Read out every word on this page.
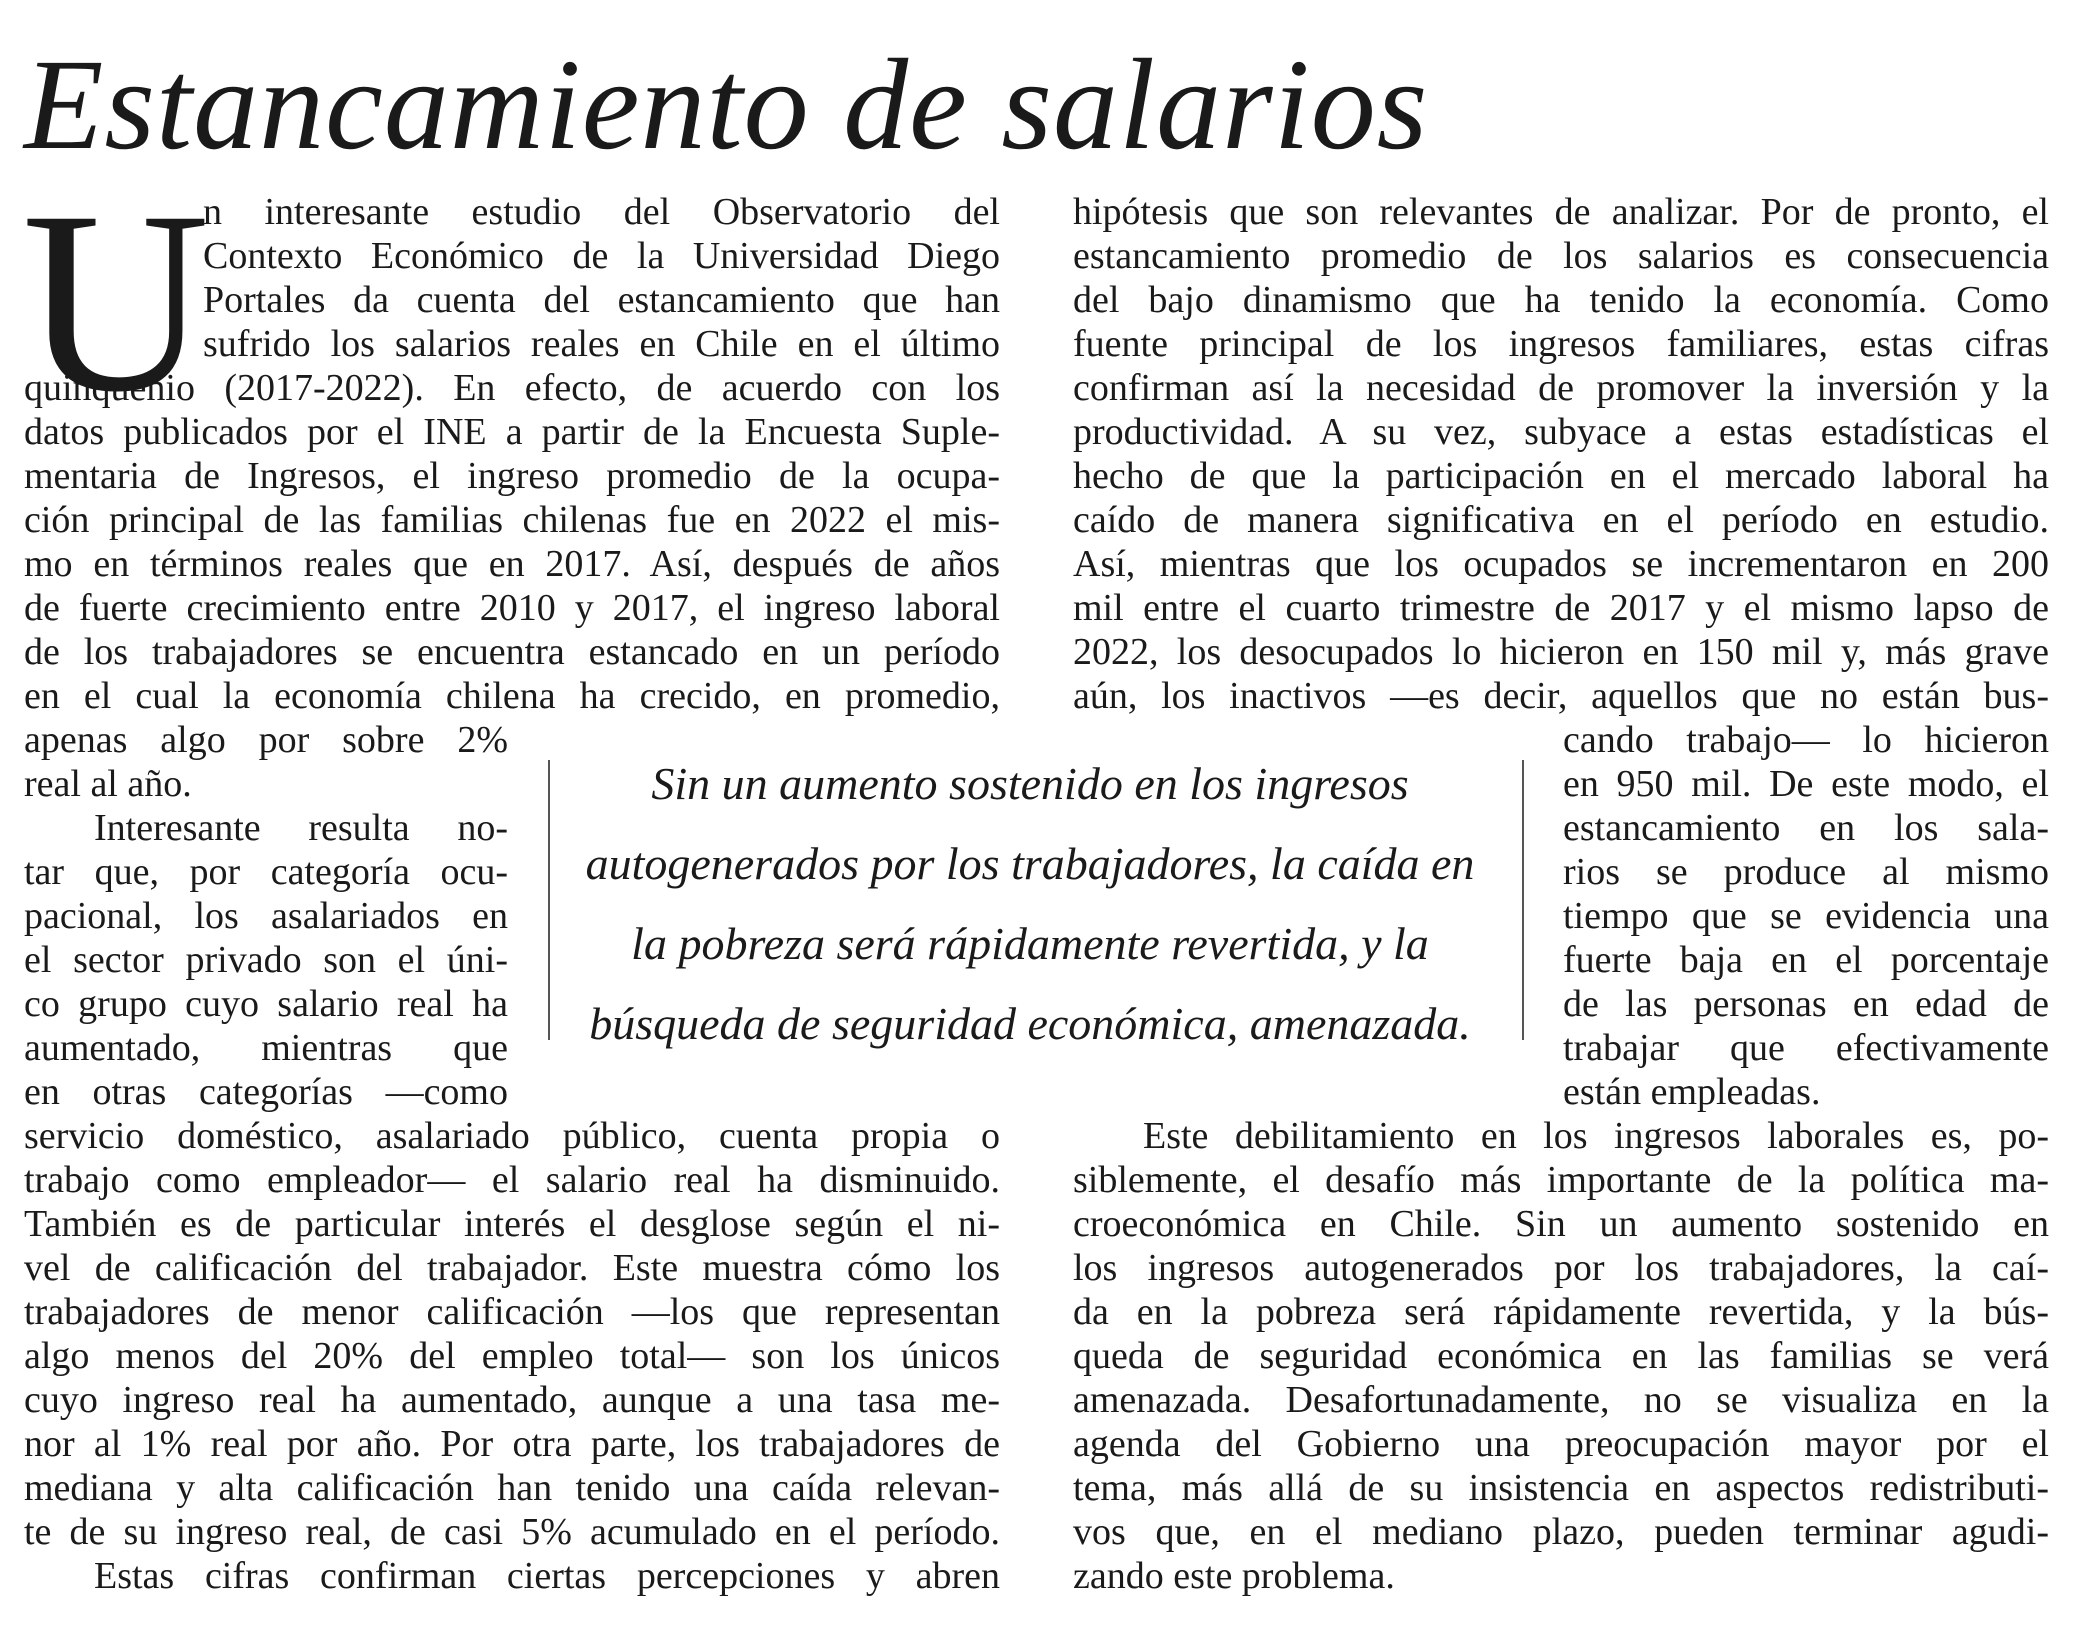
Estancamiento de salarios
U
n interesante estudio del Observatorio del
Contexto Económico de la Universidad Diego
Portales da cuenta del estancamiento que han
sufrido los salarios reales en Chile en el último
quinquenio (2017-2022). En efecto, de acuerdo con los
datos publicados por el INE a partir de la Encuesta Suple-
mentaria de Ingresos, el ingreso promedio de la ocupa-
ción principal de las familias chilenas fue en 2022 el mis-
mo en términos reales que en 2017. Así, después de años
de fuerte crecimiento entre 2010 y 2017, el ingreso laboral
de los trabajadores se encuentra estancado en un período
en el cual la economía chilena ha crecido, en promedio,
apenas algo por sobre 2%
real al año.
Interesante resulta no-
tar que, por categoría ocu-
pacional, los asalariados en
el sector privado son el úni-
co grupo cuyo salario real ha
aumentado, mientras que
en otras categorías —como
servicio doméstico, asalariado público, cuenta propia o
trabajo como empleador— el salario real ha disminuido.
También es de particular interés el desglose según el ni-
vel de calificación del trabajador. Este muestra cómo los
trabajadores de menor calificación —los que representan
algo menos del 20% del empleo total— son los únicos
cuyo ingreso real ha aumentado, aunque a una tasa me-
nor al 1% real por año. Por otra parte, los trabajadores de
mediana y alta calificación han tenido una caída relevan-
te de su ingreso real, de casi 5% acumulado en el período.
Estas cifras confirman ciertas percepciones y abren
hipótesis que son relevantes de analizar. Por de pronto, el
estancamiento promedio de los salarios es consecuencia
del bajo dinamismo que ha tenido la economía. Como
fuente principal de los ingresos familiares, estas cifras
confirman así la necesidad de promover la inversión y la
productividad. A su vez, subyace a estas estadísticas el
hecho de que la participación en el mercado laboral ha
caído de manera significativa en el período en estudio.
Así, mientras que los ocupados se incrementaron en 200
mil entre el cuarto trimestre de 2017 y el mismo lapso de
2022, los desocupados lo hicieron en 150 mil y, más grave
aún, los inactivos —es decir, aquellos que no están bus-
cando trabajo— lo hicieron
en 950 mil. De este modo, el
estancamiento en los sala-
rios se produce al mismo
tiempo que se evidencia una
fuerte baja en el porcentaje
de las personas en edad de
trabajar que efectivamente
están empleadas.
Este debilitamiento en los ingresos laborales es, po-
siblemente, el desafío más importante de la política ma-
croeconómica en Chile. Sin un aumento sostenido en
los ingresos autogenerados por los trabajadores, la caí-
da en la pobreza será rápidamente revertida, y la bús-
queda de seguridad económica en las familias se verá
amenazada. Desafortunadamente, no se visualiza en la
agenda del Gobierno una preocupación mayor por el
tema, más allá de su insistencia en aspectos redistributi-
vos que, en el mediano plazo, pueden terminar agudi-
zando este problema.
Sin un aumento sostenido en los ingresos
autogenerados por los trabajadores, la caída en
la pobreza será rápidamente revertida, y la
búsqueda de seguridad económica, amenazada.
